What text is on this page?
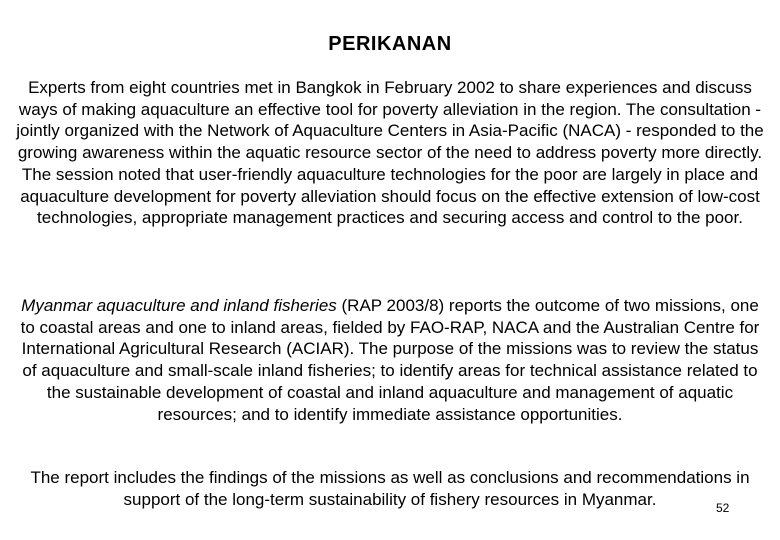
PERIKANAN

Experts from eight countries met in Bangkok in February 2002 to share experiences and discuss ways of making aquaculture an effective tool for poverty alleviation in the region. The consultation - jointly organized with the Network of Aquaculture Centers in Asia-Pacific (NACA) - responded to the growing awareness within the aquatic resource sector of the need to address poverty more directly. The session noted that user-friendly aquaculture technologies for the poor are largely in place and aquaculture development for poverty alleviation should focus on the effective extension of low-cost technologies, appropriate management practices and securing access and control to the poor.

Myanmar aquaculture and inland fisheries (RAP 2003/8) reports the outcome of two missions, one to coastal areas and one to inland areas, fielded by FAO-RAP, NACA and the Australian Centre for International Agricultural Research (ACIAR). The purpose of the missions was to review the status of aquaculture and small-scale inland fisheries; to identify areas for technical assistance related to the sustainable development of coastal and inland aquaculture and management of aquatic resources; and to identify immediate assistance opportunities.

The report includes the findings of the missions as well as conclusions and recommendations in support of the long-term sustainability of fishery resources in Myanmar.	52
